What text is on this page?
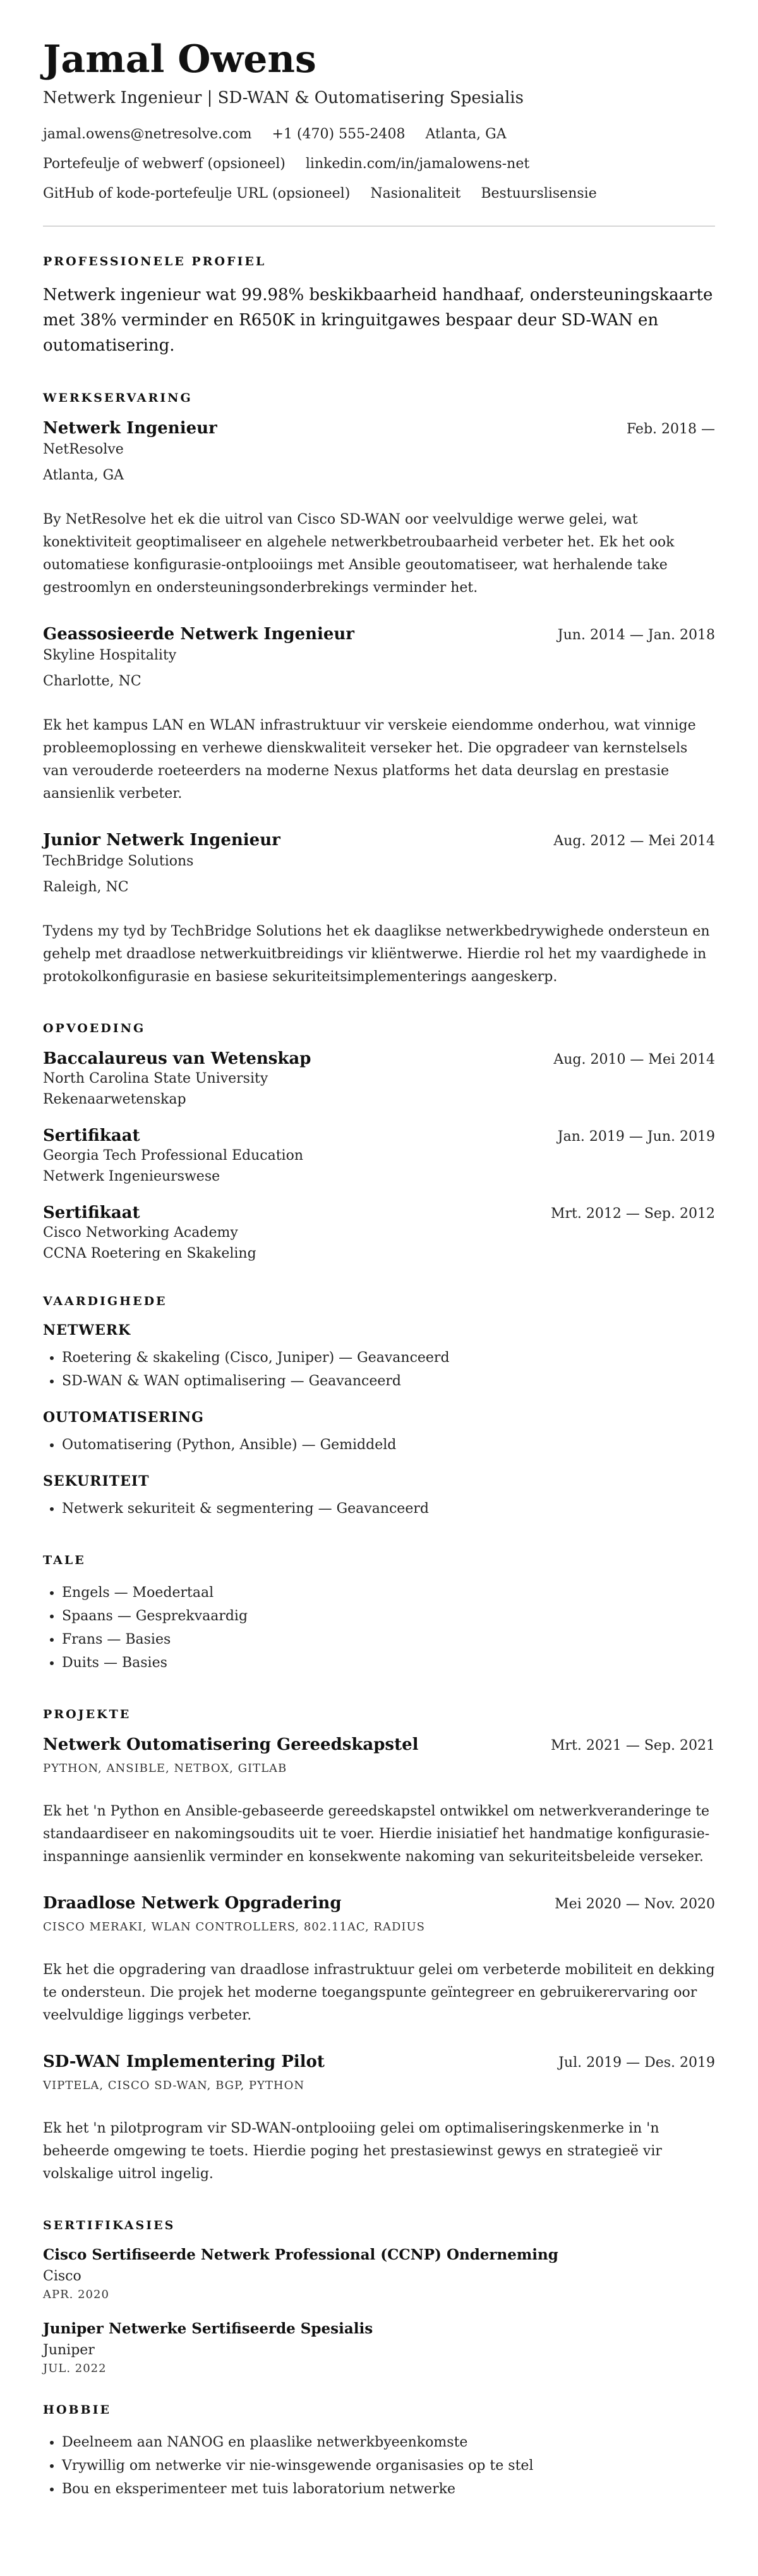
Jamal Owens
Netwerk Ingenieur | SD-WAN & Outomatisering Spesialis
jamal.owens@netresolve.com +1 (470) 555-2408 Atlanta, GA
Portefeulje of webwerf (opsioneel) linkedin.com/in/jamalowens-net
GitHub of kode-portefeulje URL (opsioneel) Nasionaliteit Bestuurslisensie
PROFESSIONELE PROFIEL

Netwerk ingenieur wat 99.98% beskikbaarheid handhaaf, ondersteuningskaarte met 38% verminder en R650K in kringuitgawes bespaar deur SD-WAN en outomatisering.

WERKSERVARING
Netwerk Ingenieur	Feb. 2018 —
NetResolve
Atlanta, GA
By NetResolve het ek die uitrol van Cisco SD-WAN oor veelvuldige werwe gelei, wat konektiviteit geoptimaliseer en algehele netwerkbetroubaarheid verbeter het. Ek het ook outomatiese konfigurasie-ontplooiings met Ansible geoutomatiseer, wat herhalende take gestroomlyn en ondersteuningsonderbrekings verminder het.
Geassosieerde Netwerk Ingenieur	Jun. 2014 — Jan. 2018
Skyline Hospitality
Charlotte, NC
Ek het kampus LAN en WLAN infrastruktuur vir verskeie eiendomme onderhou, wat vinnige probleemoplossing en verhewe dienskwaliteit verseker het. Die opgradeer van kernstelsels van verouderde roeteerders na moderne Nexus platforms het data deurslag en prestasie aansienlik verbeter.
Junior Netwerk Ingenieur	Aug. 2012 — Mei 2014
TechBridge Solutions
Raleigh, NC
Tydens my tyd by TechBridge Solutions het ek daaglikse netwerkbedrywighede ondersteun en gehelp met draadlose netwerkuitbreidings vir kliëntwerwe. Hierdie rol het my vaardighede in protokolkonfigurasie en basiese sekuriteitsimplementerings aangeskerp.
OPVOEDING
Baccalaureus van Wetenskap	Aug. 2010 — Mei 2014
North Carolina State University
Rekenaarwetenskap
Sertifikaat	Jan. 2019 — Jun. 2019
Georgia Tech Professional Education
Netwerk Ingenieurswese
Sertifikaat	Mrt. 2012 — Sep. 2012
Cisco Networking Academy
CCNA Roetering en Skakeling
VAARDIGHEDE
NETWERK
• Roetering & skakeling (Cisco, Juniper) — Geavanceerd
• SD-WAN & WAN optimalisering — Geavanceerd
OUTOMATISERING
• Outomatisering (Python, Ansible) — Gemiddeld
SEKURITEIT
• Netwerk sekuriteit & segmentering — Geavanceerd
TALE
• Engels — Moedertaal
• Spaans — Gesprekvaardig
• Frans — Basies
• Duits — Basies
PROJEKTE
Netwerk Outomatisering Gereedskapstel	Mrt. 2021 — Sep. 2021
PYTHON, ANSIBLE, NETBOX, GITLAB
Ek het 'n Python en Ansible-gebaseerde gereedskapstel ontwikkel om netwerkveranderinge te standaardiseer en nakomingsoudits uit te voer. Hierdie inisiatief het handmatige konfigurasie-inspanninge aansienlik verminder en konsekwente nakoming van sekuriteitsbeleide verseker.
Draadlose Netwerk Opgradering	Mei 2020 — Nov. 2020
CISCO MERAKI, WLAN CONTROLLERS, 802.11AC, RADIUS
Ek het die opgradering van draadlose infrastruktuur gelei om verbeterde mobiliteit en dekking te ondersteun. Die projek het moderne toegangspunte geïntegreer en gebruikerervaring oor veelvuldige liggings verbeter.
SD-WAN Implementering Pilot	Jul. 2019 — Des. 2019
VIPTELA, CISCO SD-WAN, BGP, PYTHON
Ek het 'n pilotprogram vir SD-WAN-ontplooiing gelei om optimaliseringskenmerke in 'n beheerde omgewing te toets. Hierdie poging het prestasiewinst gewys en strategieë vir volskalige uitrol ingelig.
SERTIFIKASIES
Cisco Sertifiseerde Netwerk Professional (CCNP) Onderneming
Cisco
APR. 2020
Juniper Netwerke Sertifiseerde Spesialis
Juniper
JUL. 2022
HOBBIE
• Deelneem aan NANOG en plaaslike netwerkbyeenkomste
• Vrywillig om netwerke vir nie-winsgewende organisasies op te stel
• Bou en eksperimenteer met tuis laboratorium netwerke
